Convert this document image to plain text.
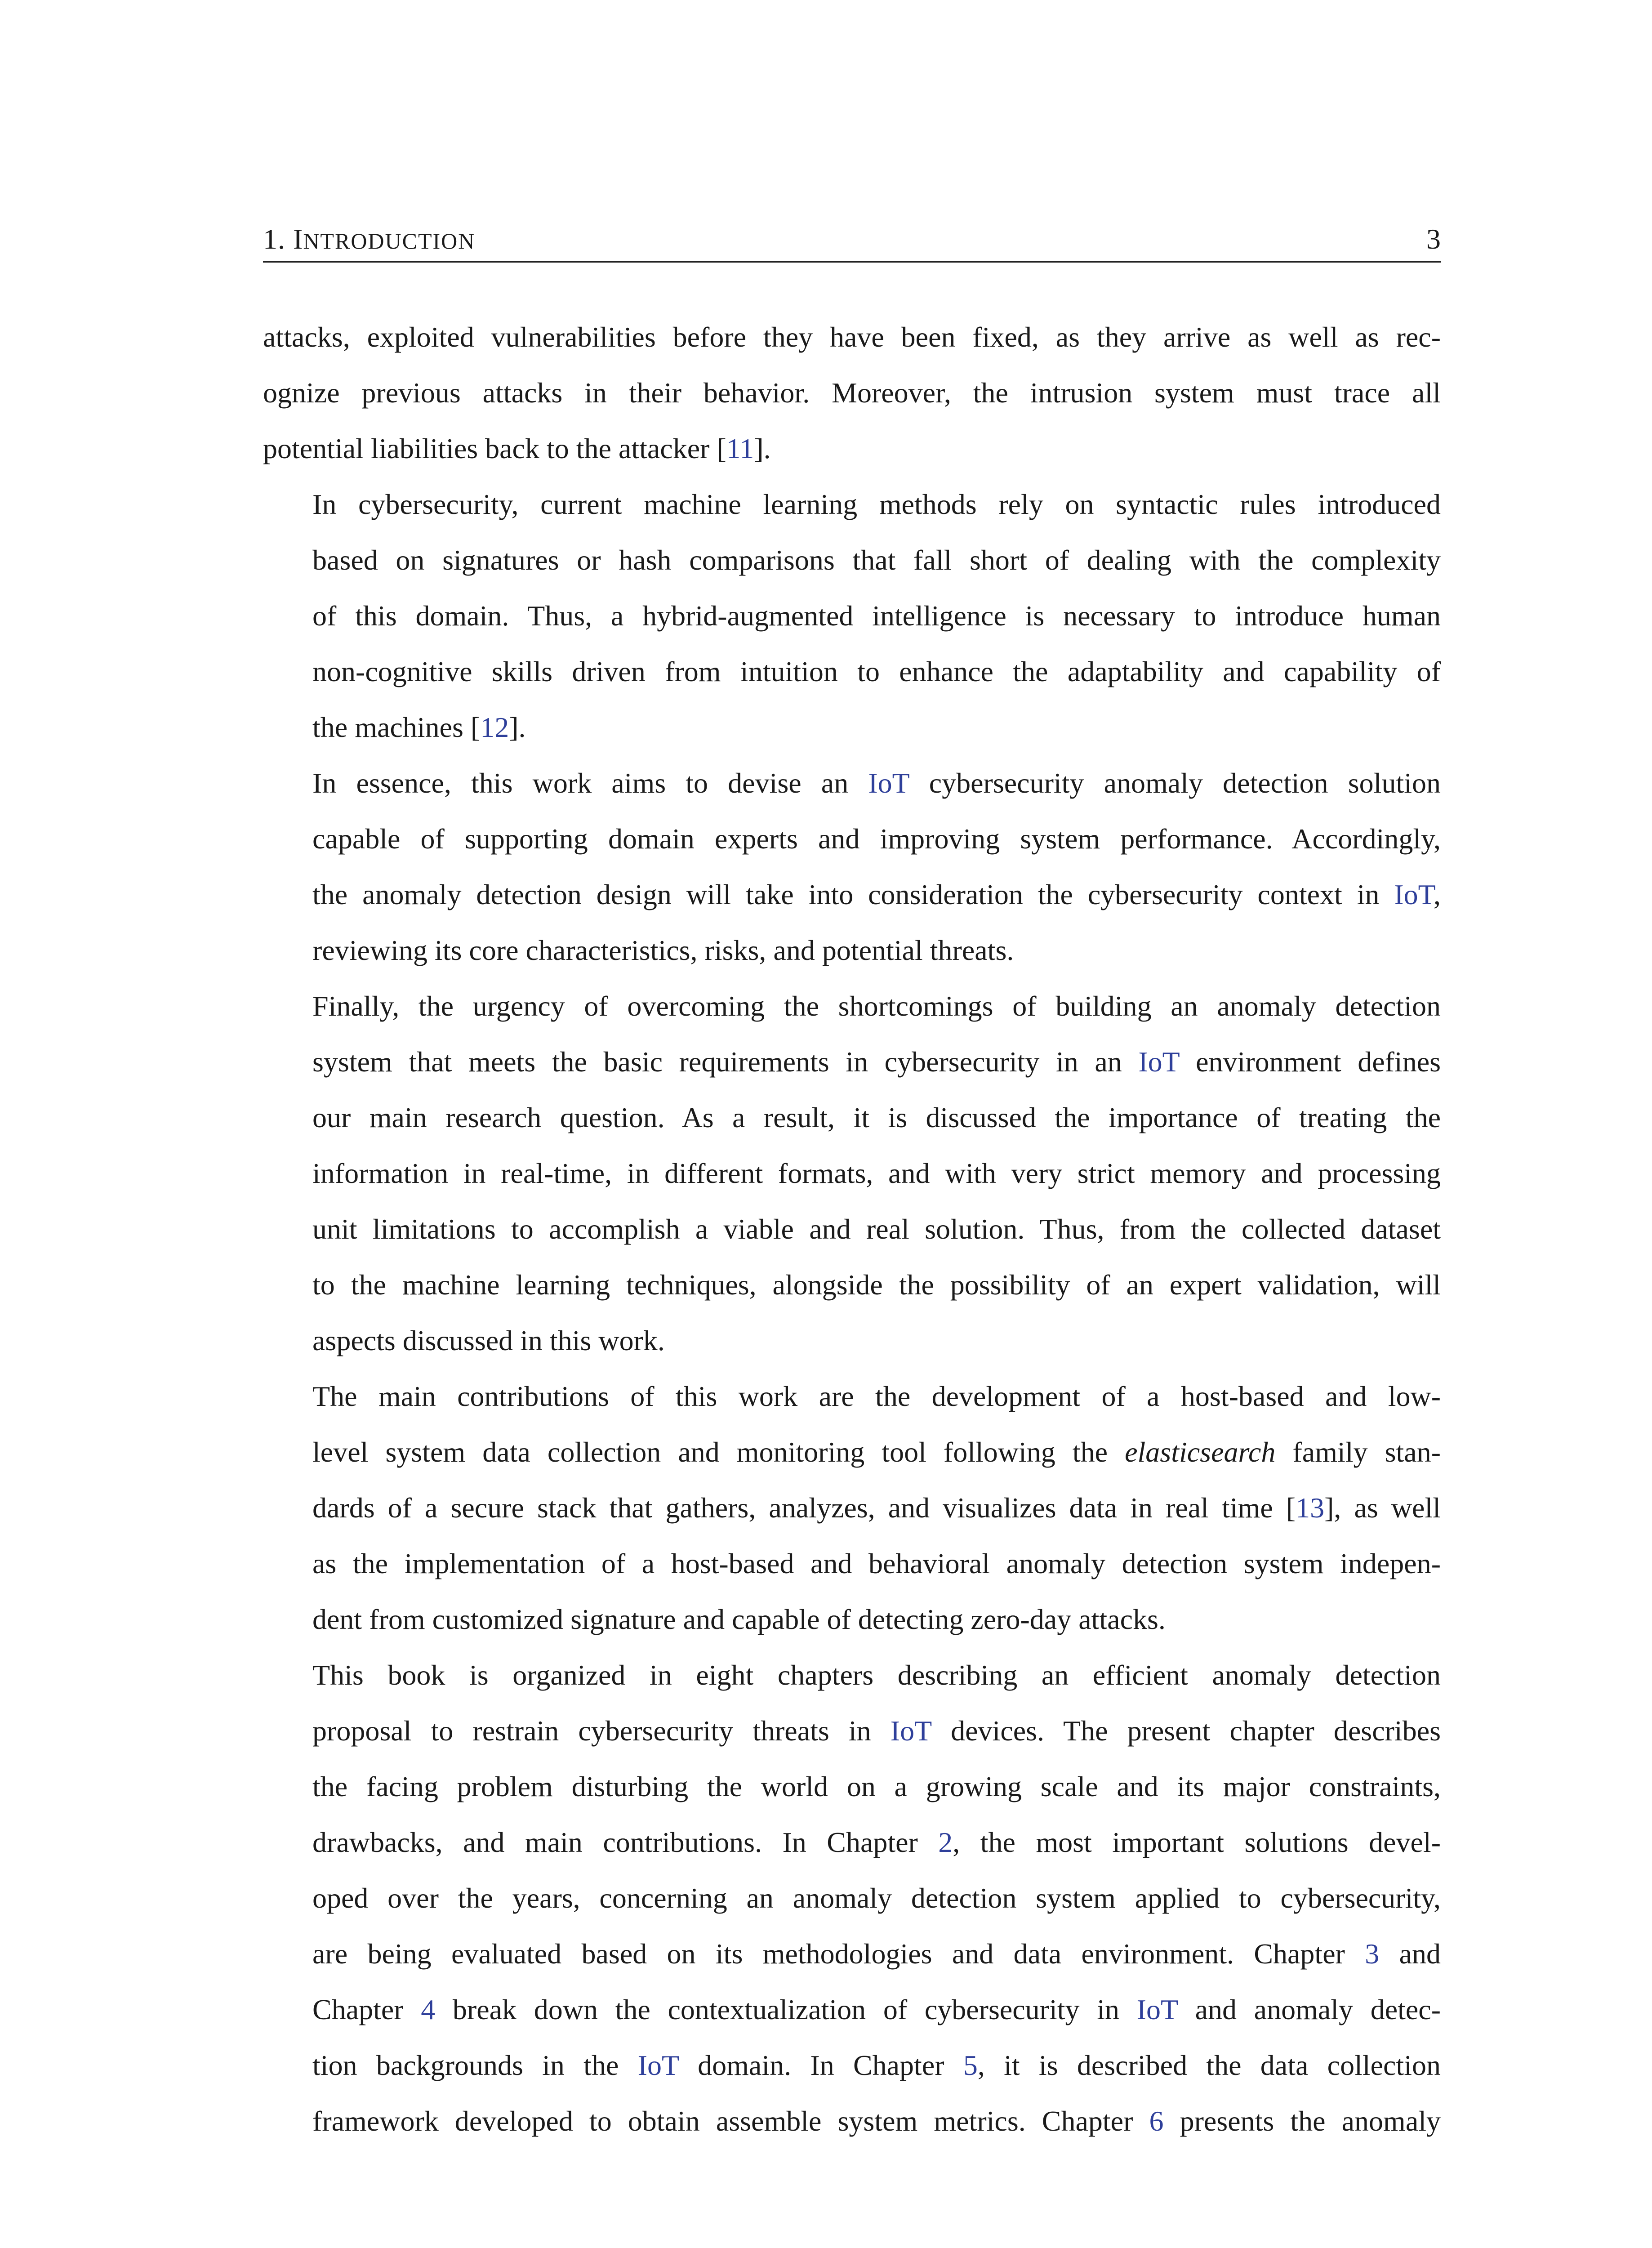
1. INTRODUCTION	3

attacks, exploited vulnerabilities before they have been fixed, as they arrive as well as rec-
ognize previous attacks in their behavior. Moreover, the intrusion system must trace all
potential liabilities back to the attacker [11].

In cybersecurity, current machine learning methods rely on syntactic rules introduced
based on signatures or hash comparisons that fall short of dealing with the complexity
of this domain. Thus, a hybrid-augmented intelligence is necessary to introduce human
non-cognitive skills driven from intuition to enhance the adaptability and capability of
the machines [12].

In essence, this work aims to devise an IoT cybersecurity anomaly detection solution
capable of supporting domain experts and improving system performance. Accordingly,
the anomaly detection design will take into consideration the cybersecurity context in IoT,
reviewing its core characteristics, risks, and potential threats.

Finally, the urgency of overcoming the shortcomings of building an anomaly detection
system that meets the basic requirements in cybersecurity in an IoT environment defines
our main research question. As a result, it is discussed the importance of treating the
information in real-time, in different formats, and with very strict memory and processing
unit limitations to accomplish a viable and real solution. Thus, from the collected dataset
to the machine learning techniques, alongside the possibility of an expert validation, will
aspects discussed in this work.

The main contributions of this work are the development of a host-based and low-
level system data collection and monitoring tool following the elasticsearch family stan-
dards of a secure stack that gathers, analyzes, and visualizes data in real time [13], as well
as the implementation of a host-based and behavioral anomaly detection system indepen-
dent from customized signature and capable of detecting zero-day attacks.

This book is organized in eight chapters describing an efficient anomaly detection
proposal to restrain cybersecurity threats in IoT devices. The present chapter describes
the facing problem disturbing the world on a growing scale and its major constraints,
drawbacks, and main contributions. In Chapter 2, the most important solutions devel-
oped over the years, concerning an anomaly detection system applied to cybersecurity,
are being evaluated based on its methodologies and data environment. Chapter 3 and
Chapter 4 break down the contextualization of cybersecurity in IoT and anomaly detec-
tion backgrounds in the IoT domain. In Chapter 5, it is described the data collection
framework developed to obtain assemble system metrics. Chapter 6 presents the anomaly
